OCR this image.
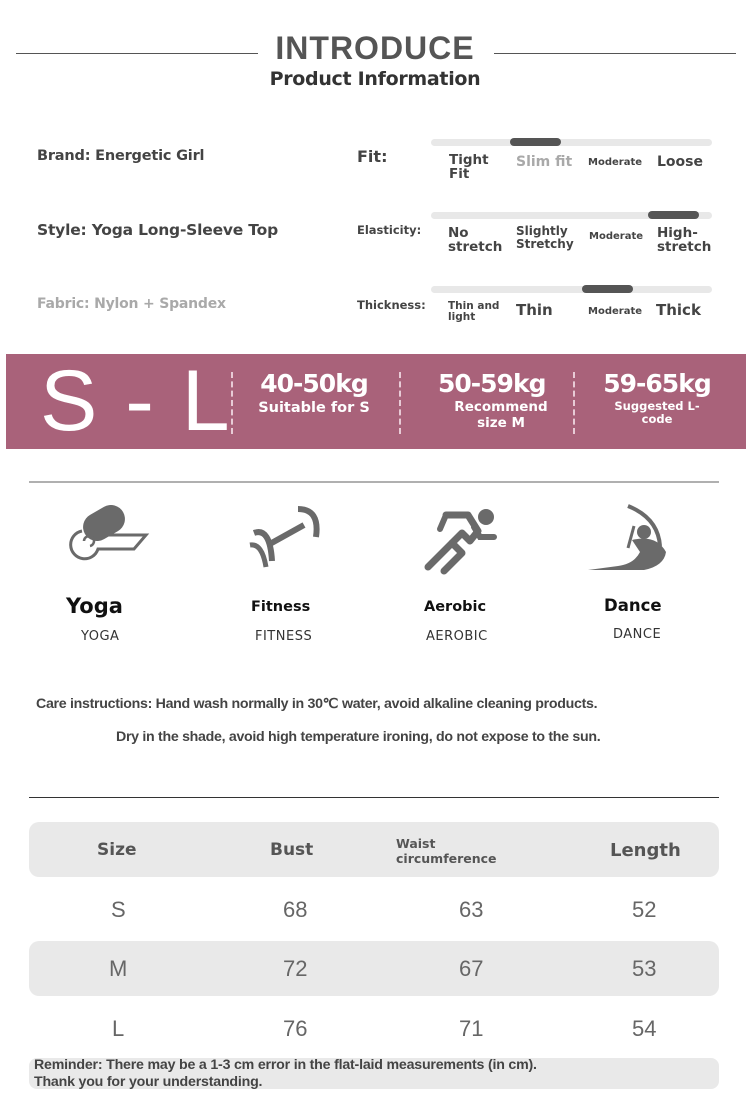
INTRODUCE
Product Information
Brand: Energetic Girl
Style: Yoga Long-Sleeve Top
Fabric: Nylon + Spandex
Fit:	Tight Fit
Slim fit Moderate Loose
Elasticity: No stretch
Slightly Stretchy
Moderate High-stretch
Thickness: Thin and light	Thin	Moderate Thick
S - L	40-50kg
Suitable for S
50-59kg
Recommend size M
59-65kg
Suggested L-code
Yoga
YOGA
Fitness
FITNESS
Aerobic
AEROBIC
Dance
DANCE
Care instructions: Hand wash normally in 30℃ water, avoid alkaline cleaning products.
Dry in the shade, avoid high temperature ironing, do not expose to the sun.
Size	Bust	Waist circumference	Length
S	68	63	52
M	72	67	53
L	76	71	54
Reminder: There may be a 1-3 cm error in the flat-laid measurements (in cm).
Thank you for your understanding.
